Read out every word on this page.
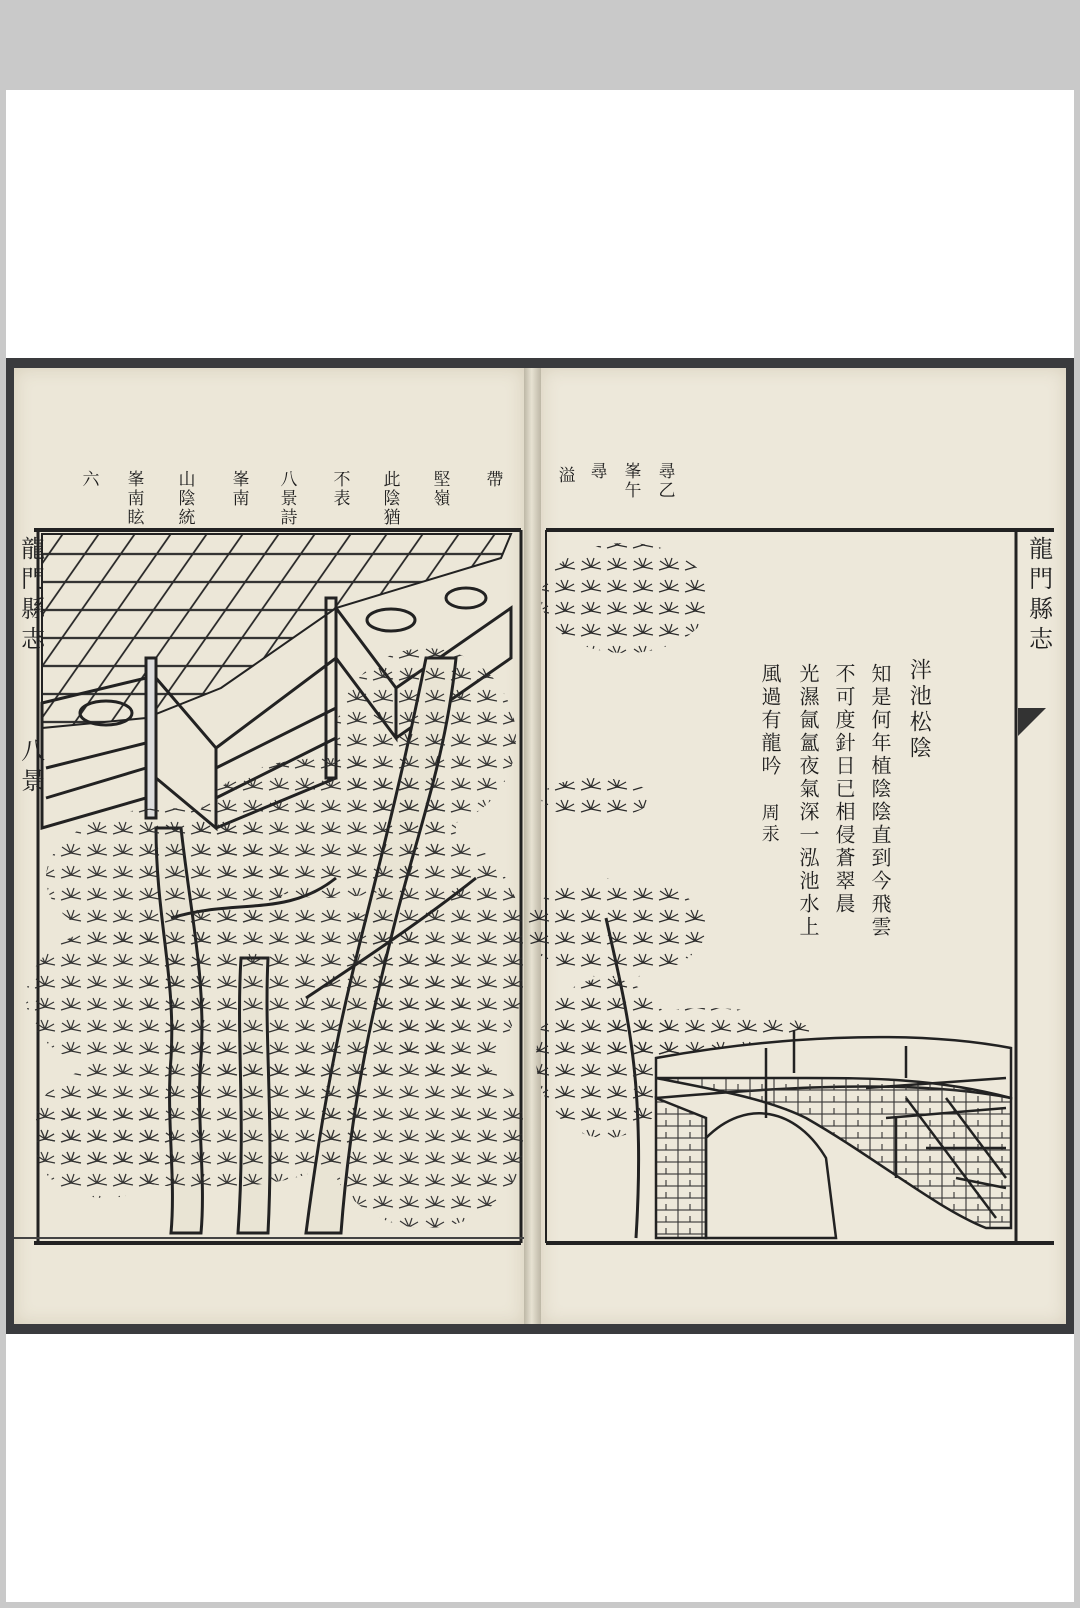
六 峯南眩 山陰統 峯南 八景詩 不表 此陰猶 堅嶺 帶	溢 尋 峯午 尋乙
龍門縣志
八景
龍門縣志
泮池松陰
知是何年植陰陰直到今飛雲
不可度針日已相侵蒼翠晨
光濕氤氳夜氣深一泓池水上
風過有龍吟
周汞
